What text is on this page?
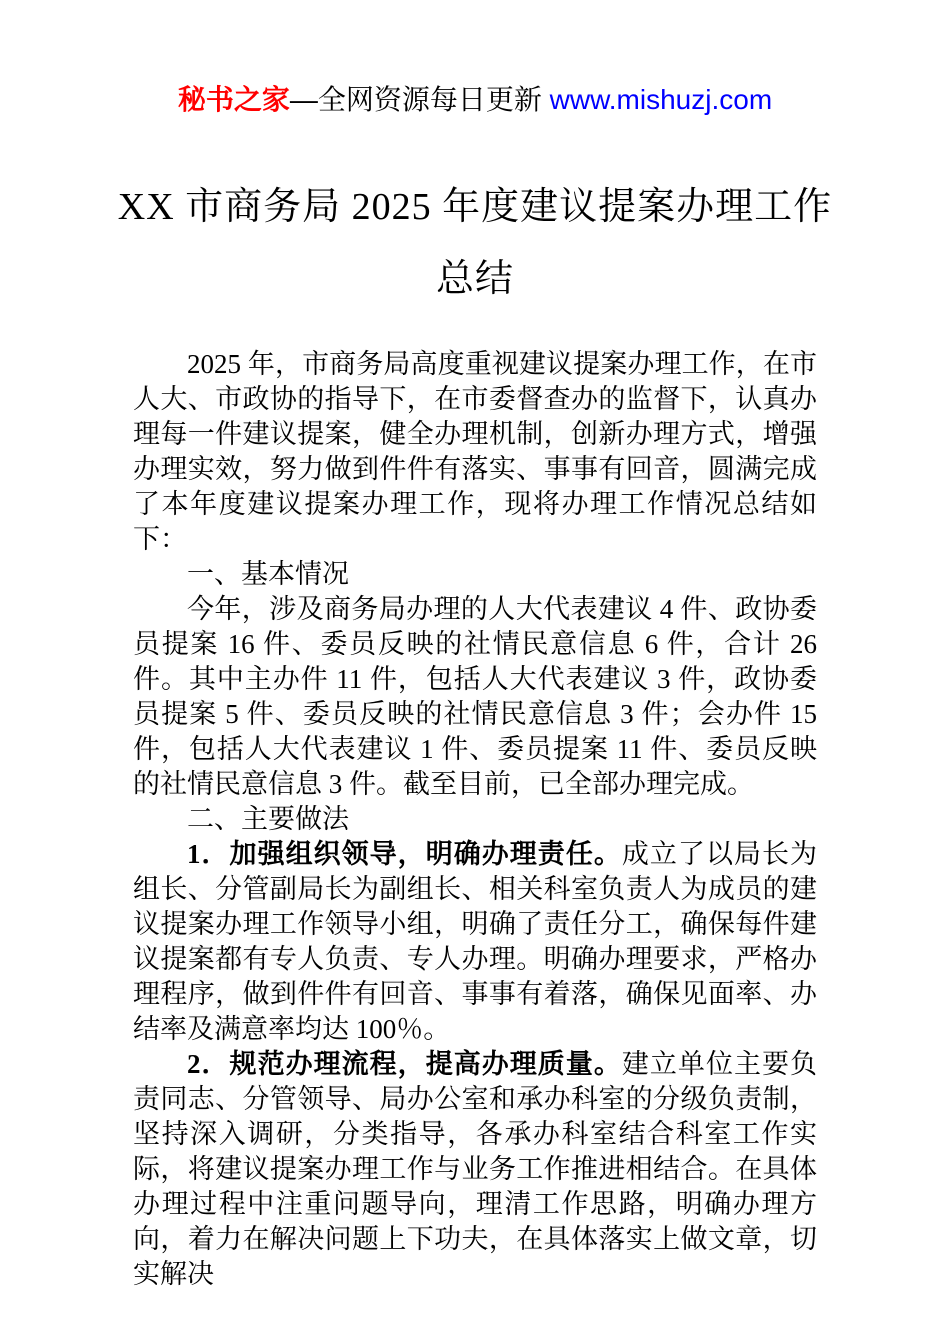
秘书之家—全网资源每日更新 www.mishuzj.com
XX 市商务局 2025 年度建议提案办理工作
总结

2025 年，市商务局高度重视建议提案办理工作，在市人大、市政协的指导下，在市委督查办的监督下，认真办理每一件建议提案，健全办理机制，创新办理方式，增强办理实效，努力做到件件有落实、事事有回音，圆满完成了本年度建议提案办理工作，现将办理工作情况总结如下：

一、基本情况

今年，涉及商务局办理的人大代表建议 4 件、政协委员提案 16 件、委员反映的社情民意信息 6 件，合计 26 件。其中主办件 11 件，包括人大代表建议 3 件，政协委员提案 5 件、委员反映的社情民意信息 3 件；会办件 15 件，包括人大代表建议 1 件、委员提案 11 件、委员反映的社情民意信息 3 件。截至目前，已全部办理完成。

二、主要做法

1．加强组织领导，明确办理责任。成立了以局长为组长、分管副局长为副组长、相关科室负责人为成员的建议提案办理工作领导小组，明确了责任分工，确保每件建议提案都有专人负责、专人办理。明确办理要求，严格办理程序，做到件件有回音、事事有着落，确保见面率、办结率及满意率均达 100％。

2．规范办理流程，提高办理质量。建立单位主要负责同志、分管领导、局办公室和承办科室的分级负责制，坚持深入调研，分类指导，各承办科室结合科室工作实际，将建议提案办理工作与业务工作推进相结合。在具体办理过程中注重问题导向，理清工作思路，明确办理方向，着力在解决问题上下功夫，在具体落实上做文章，切实解决
